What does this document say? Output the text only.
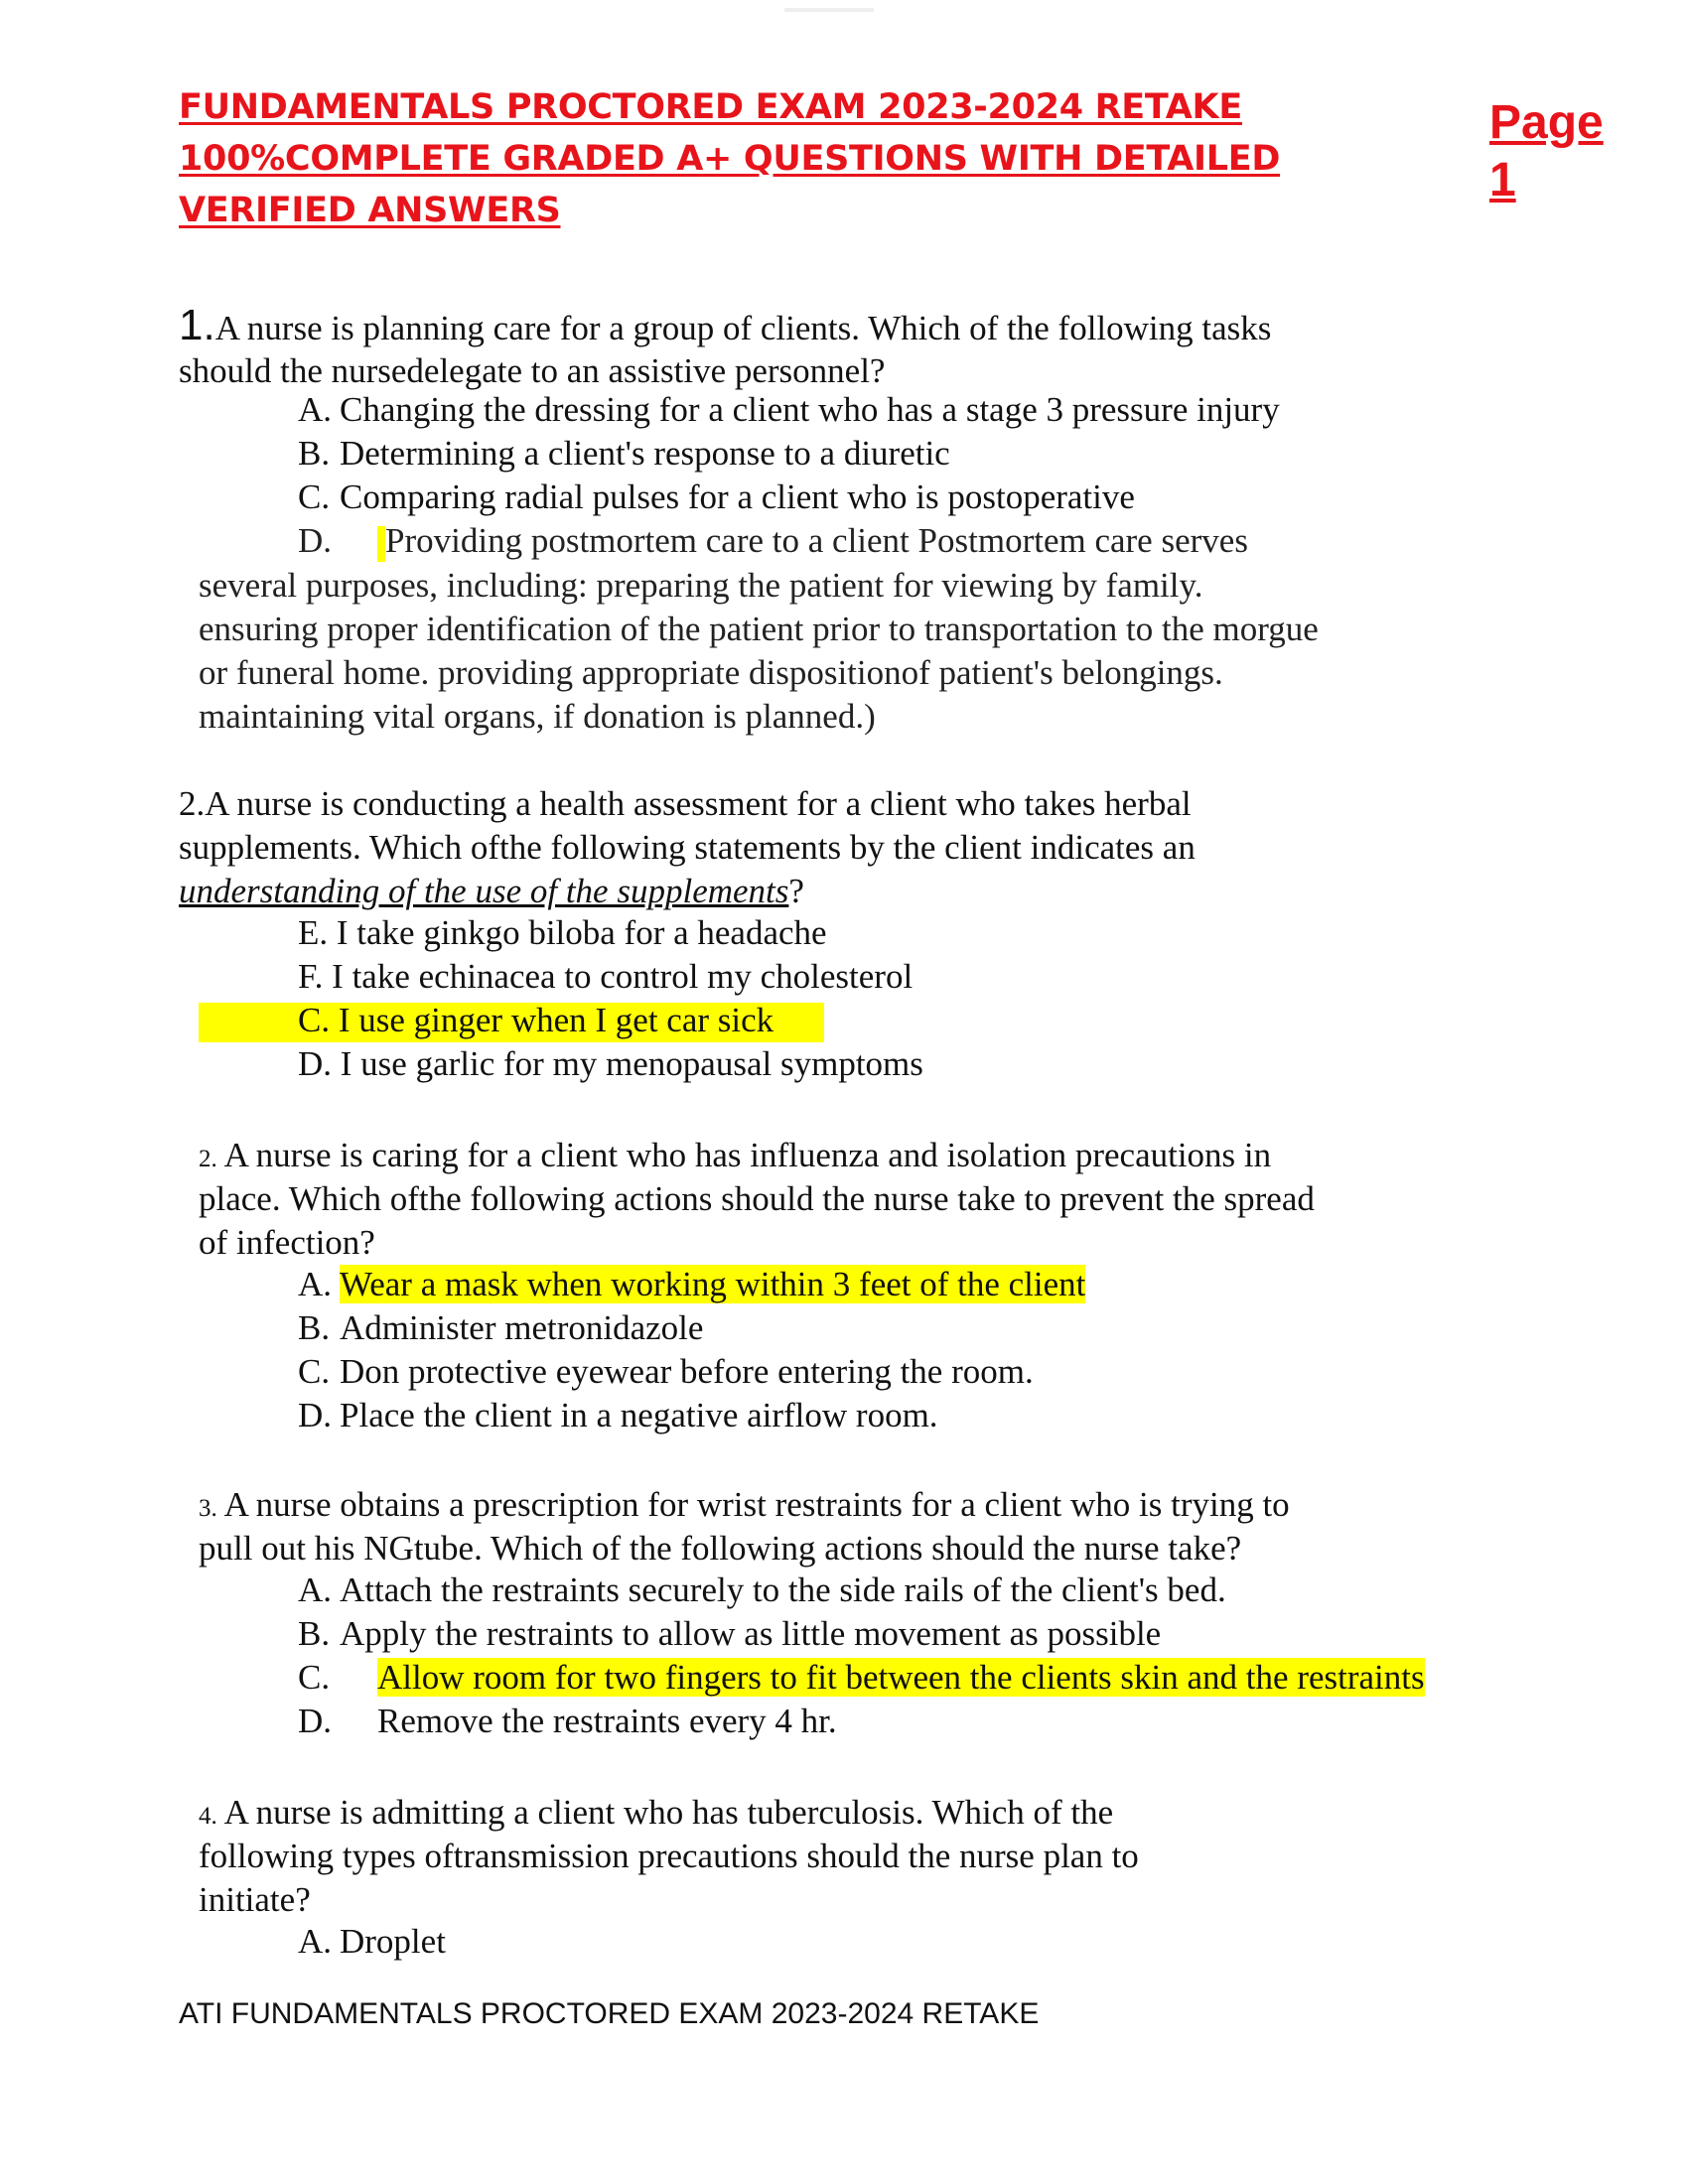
FUNDAMENTALS PROCTORED EXAM 2023-2024 RETAKE
100%COMPLETE GRADED A+ QUESTIONS WITH DETAILED
VERIFIED ANSWERS
Page
1
1.A nurse is planning care for a group of clients. Which of the following tasks
should the nursedelegate to an assistive personnel?
A. Changing the dressing for a client who has a stage 3 pressure injury
B. Determining a client's response to a diuretic
C. Comparing radial pulses for a client who is postoperative
D. Providing postmortem care to a client Postmortem care serves
several purposes, including: preparing the patient for viewing by family.
ensuring proper identification of the patient prior to transportation to the morgue
or funeral home. providing appropriate dispositionof patient's belongings.
maintaining vital organs, if donation is planned.)
2.A nurse is conducting a health assessment for a client who takes herbal
supplements. Which ofthe following statements by the client indicates an
understanding of the use of the supplements?
E. I take ginkgo biloba for a headache
F. I take echinacea to control my cholesterol
C. I use ginger when I get car sick
D. I use garlic for my menopausal symptoms
2. A nurse is caring for a client who has influenza and isolation precautions in
place. Which ofthe following actions should the nurse take to prevent the spread
of infection?
A. Wear a mask when working within 3 feet of the client
B. Administer metronidazole
C. Don protective eyewear before entering the room.
D. Place the client in a negative airflow room.
3. A nurse obtains a prescription for wrist restraints for a client who is trying to
pull out his NGtube. Which of the following actions should the nurse take?
A. Attach the restraints securely to the side rails of the client's bed.
B. Apply the restraints to allow as little movement as possible
C. Allow room for two fingers to fit between the clients skin and the restraints
D. Remove the restraints every 4 hr.
4. A nurse is admitting a client who has tuberculosis. Which of the
following types oftransmission precautions should the nurse plan to
initiate?
A. Droplet
ATI FUNDAMENTALS PROCTORED EXAM 2023-2024 RETAKE
